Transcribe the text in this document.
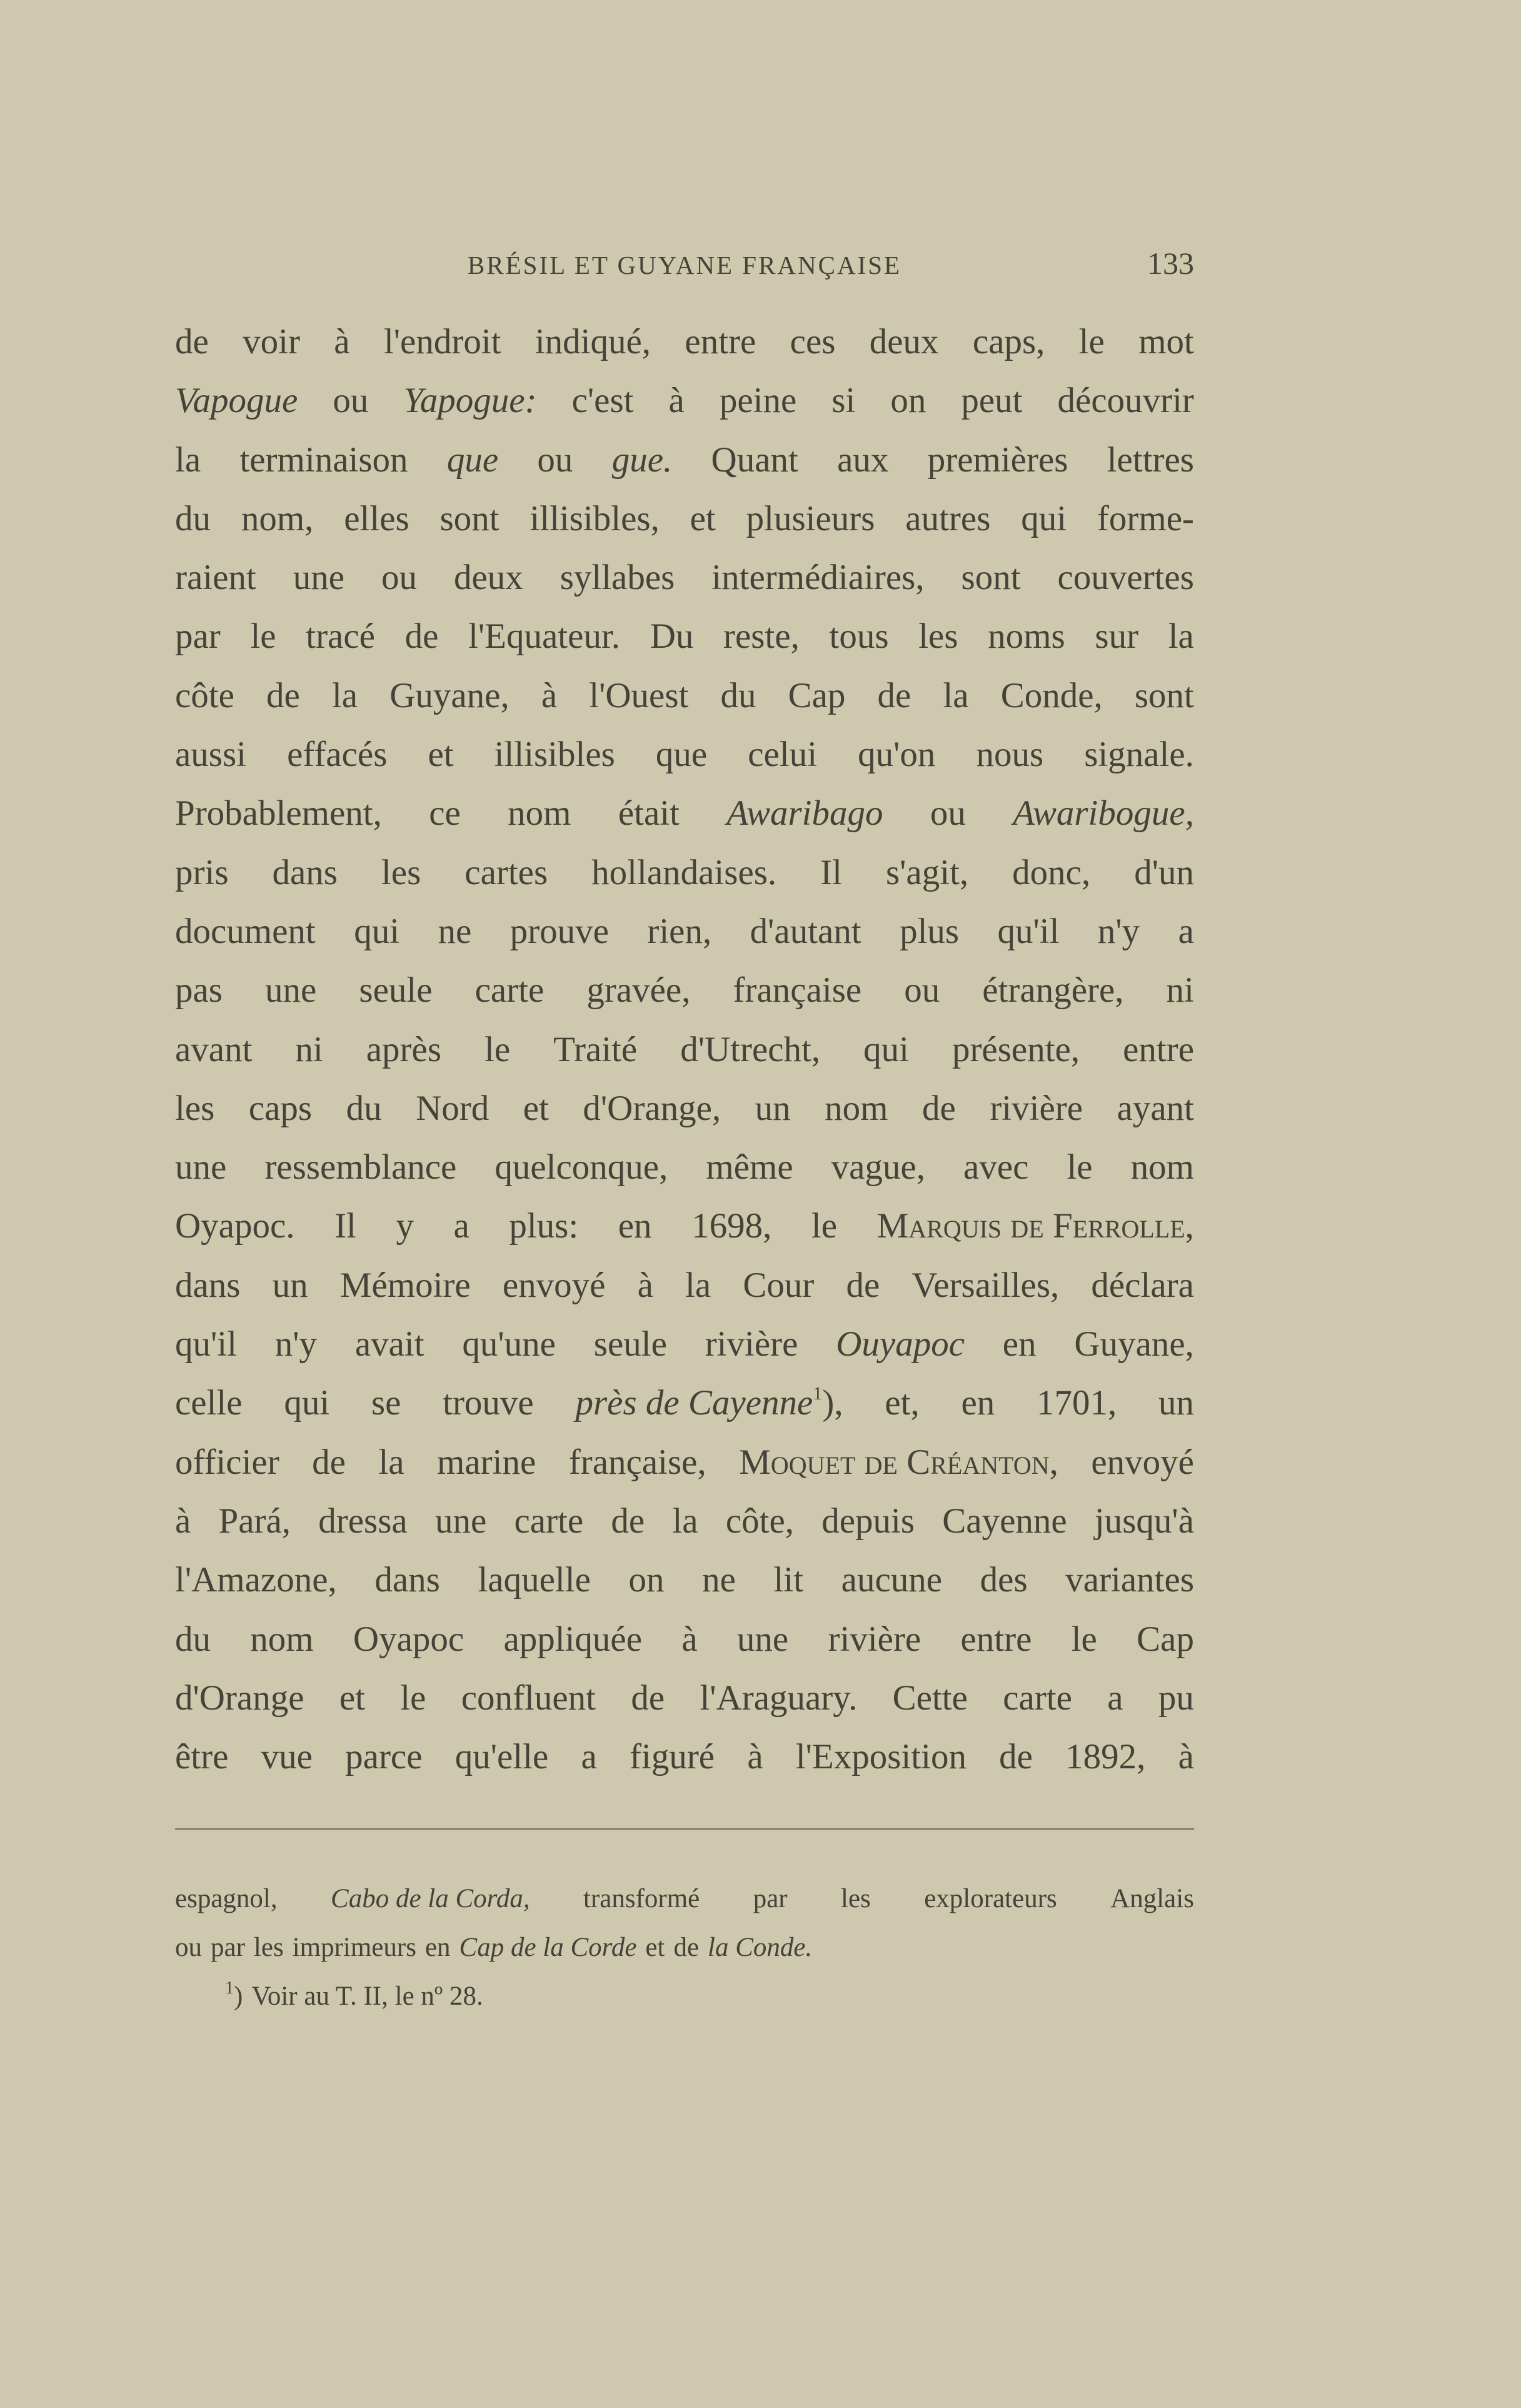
BRÉSIL ET GUYANE FRANÇAISE	133
de voir à l'endroit indiqué, entre ces deux caps, le mot
Vapogue ou Yapogue: c'est à peine si on peut découvrir
la terminaison que ou gue. Quant aux premières lettres
du nom, elles sont illisibles, et plusieurs autres qui forme-
raient une ou deux syllabes intermédiaires, sont couvertes
par le tracé de l'Equateur. Du reste, tous les noms sur la
côte de la Guyane, à l'Ouest du Cap de la Conde, sont
aussi effacés et illisibles que celui qu'on nous signale.
Probablement, ce nom était Awaribago ou Awaribogue,
pris dans les cartes hollandaises. Il s'agit, donc, d'un
document qui ne prouve rien, d'autant plus qu'il n'y a
pas une seule carte gravée, française ou étrangère, ni
avant ni après le Traité d'Utrecht, qui présente, entre
les caps du Nord et d'Orange, un nom de rivière ayant
une ressemblance quelconque, même vague, avec le nom
Oyapoc. Il y a plus: en 1698, le Marquis de Ferrolle,
dans un Mémoire envoyé à la Cour de Versailles, déclara
qu'il n'y avait qu'une seule rivière Ouyapoc en Guyane,
celle qui se trouve près de Cayenne$^1$), et, en 1701, un
officier de la marine française, Moquet de Créanton, envoyé
à Pará, dressa une carte de la côte, depuis Cayenne jusqu'à
l'Amazone, dans laquelle on ne lit aucune des variantes
du nom Oyapoc appliquée à une rivière entre le Cap
d'Orange et le confluent de l'Araguary. Cette carte a pu
être vue parce qu'elle a figuré à l'Exposition de 1892, à
espagnol, Cabo de la Corda, transformé par les explorateurs Anglais
ou par les imprimeurs en Cap de la Corde et de la Conde.
$^1$) Voir au T. II, le nº 28.
